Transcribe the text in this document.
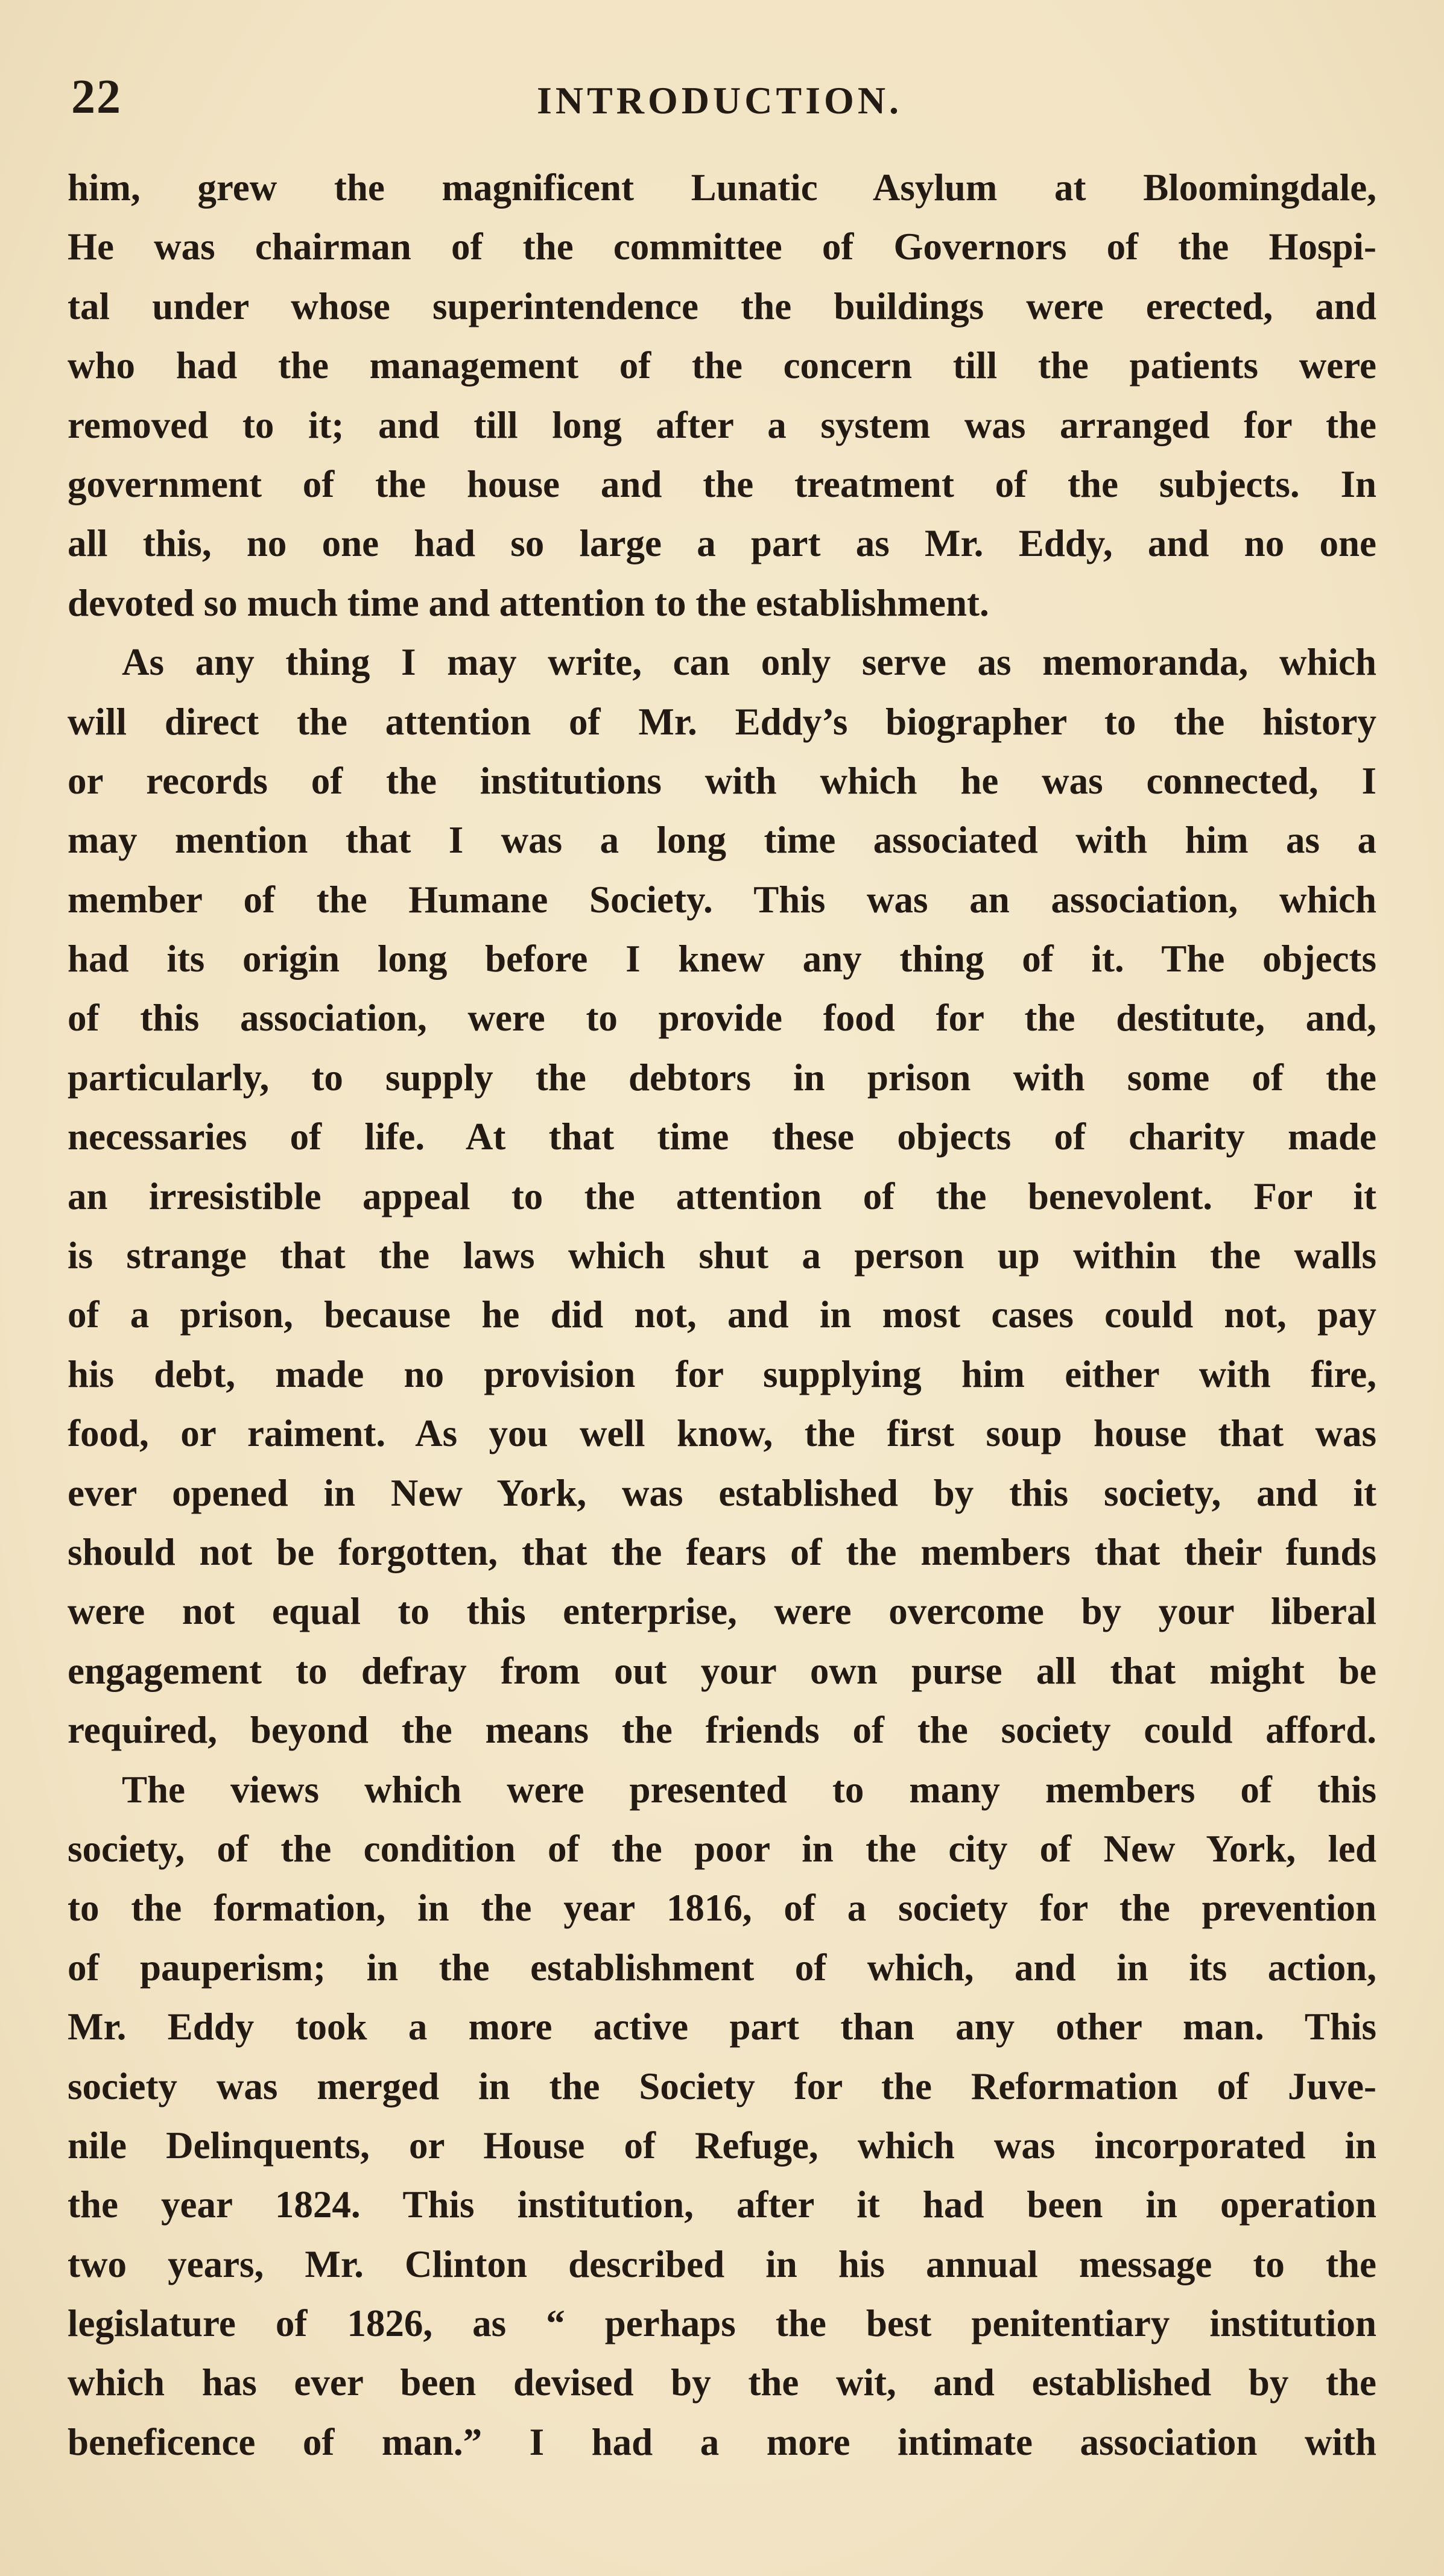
22	INTRODUCTION.
him, grew the magnificent Lunatic Asylum at Bloomingdale,
He was chairman of the committee of Governors of the Hospi-
tal under whose superintendence the buildings were erected, and
who had the management of the concern till the patients were
removed to it; and till long after a system was arranged for the
government of the house and the treatment of the subjects. In
all this, no one had so large a part as Mr. Eddy, and no one
devoted so much time and attention to the establishment.
As any thing I may write, can only serve as memoranda, which
will direct the attention of Mr. Eddy’s biographer to the history
or records of the institutions with which he was connected, I
may mention that I was a long time associated with him as a
member of the Humane Society. This was an association, which
had its origin long before I knew any thing of it. The objects
of this association, were to provide food for the destitute, and,
particularly, to supply the debtors in prison with some of the
necessaries of life. At that time these objects of charity made
an irresistible appeal to the attention of the benevolent. For it
is strange that the laws which shut a person up within the walls
of a prison, because he did not, and in most cases could not, pay
his debt, made no provision for supplying him either with fire,
food, or raiment. As you well know, the first soup house that was
ever opened in New York, was established by this society, and it
should not be forgotten, that the fears of the members that their funds
were not equal to this enterprise, were overcome by your liberal
engagement to defray from out your own purse all that might be
required, beyond the means the friends of the society could afford.
The views which were presented to many members of this
society, of the condition of the poor in the city of New York, led
to the formation, in the year 1816, of a society for the prevention
of pauperism; in the establishment of which, and in its action,
Mr. Eddy took a more active part than any other man. This
society was merged in the Society for the Reformation of Juve-
nile Delinquents, or House of Refuge, which was incorporated in
the year 1824. This institution, after it had been in operation
two years, Mr. Clinton described in his annual message to the
legislature of 1826, as “ perhaps the best penitentiary institution
which has ever been devised by the wit, and established by the
beneficence of man.” I had a more intimate association with
